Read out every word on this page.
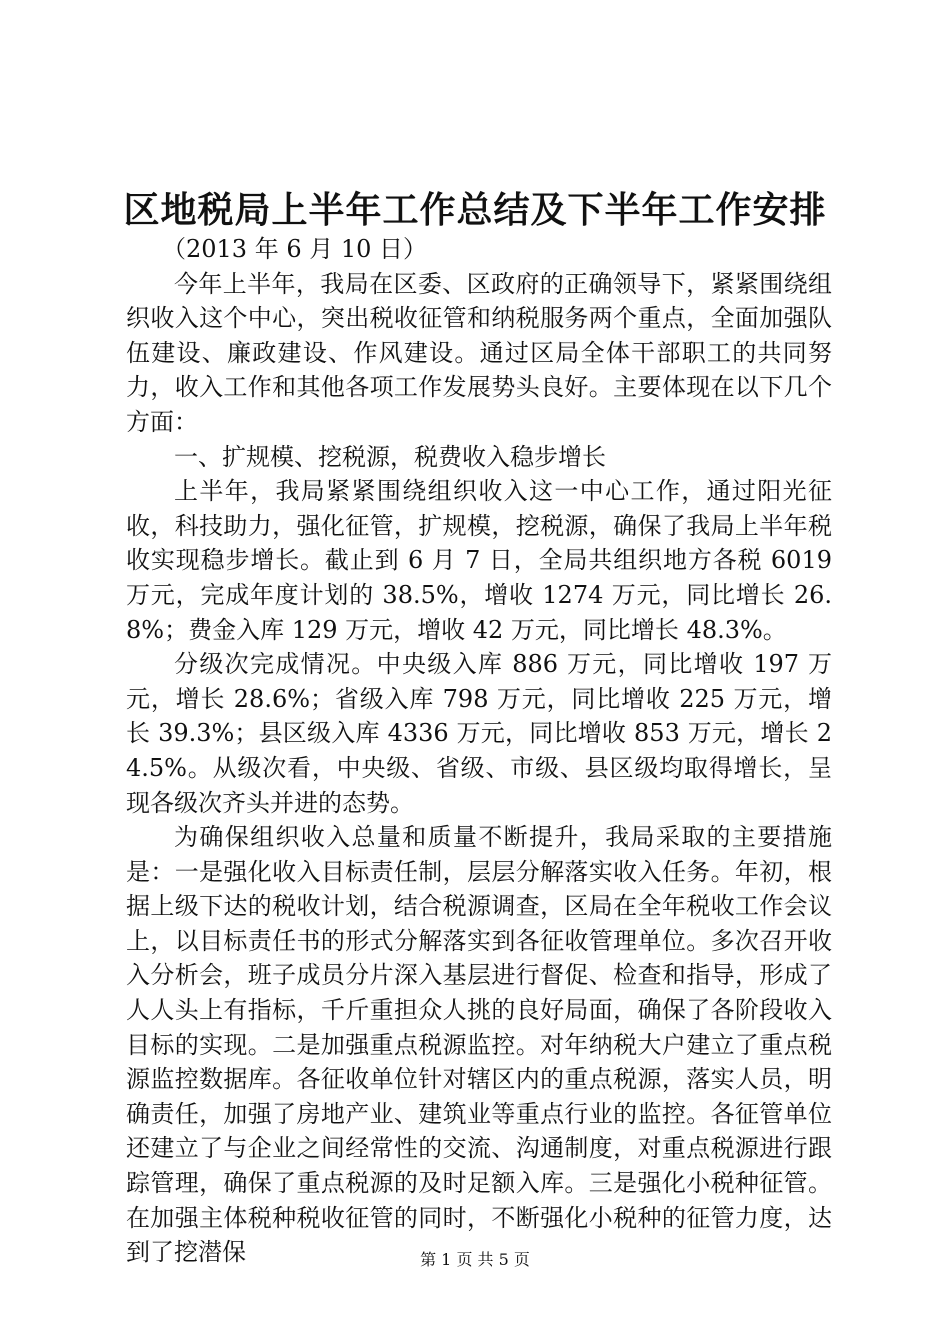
区地税局上半年工作总结及下半年工作安排

（2013 年 6 月 10 日）

今年上半年，我局在区委、区政府的正确领导下，紧紧围绕组织收入这个中心，突出税收征管和纳税服务两个重点，全面加强队伍建设、廉政建设、作风建设。通过区局全体干部职工的共同努力，收入工作和其他各项工作发展势头良好。主要体现在以下几个方面：

一、扩规模、挖税源，税费收入稳步增长

上半年，我局紧紧围绕组织收入这一中心工作，通过阳光征收，科技助力，强化征管，扩规模，挖税源，确保了我局上半年税收实现稳步增长。截止到 6 月 7 日，全局共组织地方各税 6019 万元，完成年度计划的 38.5%，增收 1274 万元，同比增长 26.8%；费金入库 129 万元，增收 42 万元，同比增长 48.3%。

分级次完成情况。中央级入库 886 万元，同比增收 197 万元，增长 28.6%；省级入库 798 万元，同比增收 225 万元，增长 39.3%；县区级入库 4336 万元，同比增收 853 万元，增长 24.5%。从级次看，中央级、省级、市级、县区级均取得增长，呈现各级次齐头并进的态势。

为确保组织收入总量和质量不断提升，我局采取的主要措施是：一是强化收入目标责任制，层层分解落实收入任务。年初，根据上级下达的税收计划，结合税源调查，区局在全年税收工作会议上，以目标责任书的形式分解落实到各征收管理单位。多次召开收入分析会，班子成员分片深入基层进行督促、检查和指导，形成了人人头上有指标，千斤重担众人挑的良好局面，确保了各阶段收入目标的实现。二是加强重点税源监控。对年纳税大户建立了重点税源监控数据库。各征收单位针对辖区内的重点税源，落实人员，明确责任，加强了房地产业、建筑业等重点行业的监控。各征管单位还建立了与企业之间经常性的交流、沟通制度，对重点税源进行跟踪管理，确保了重点税源的及时足额入库。三是强化小税种征管。在加强主体税种税收征管的同时，不断强化小税种的征管力度，达到了挖潜保	第 1 页 共 5 页
